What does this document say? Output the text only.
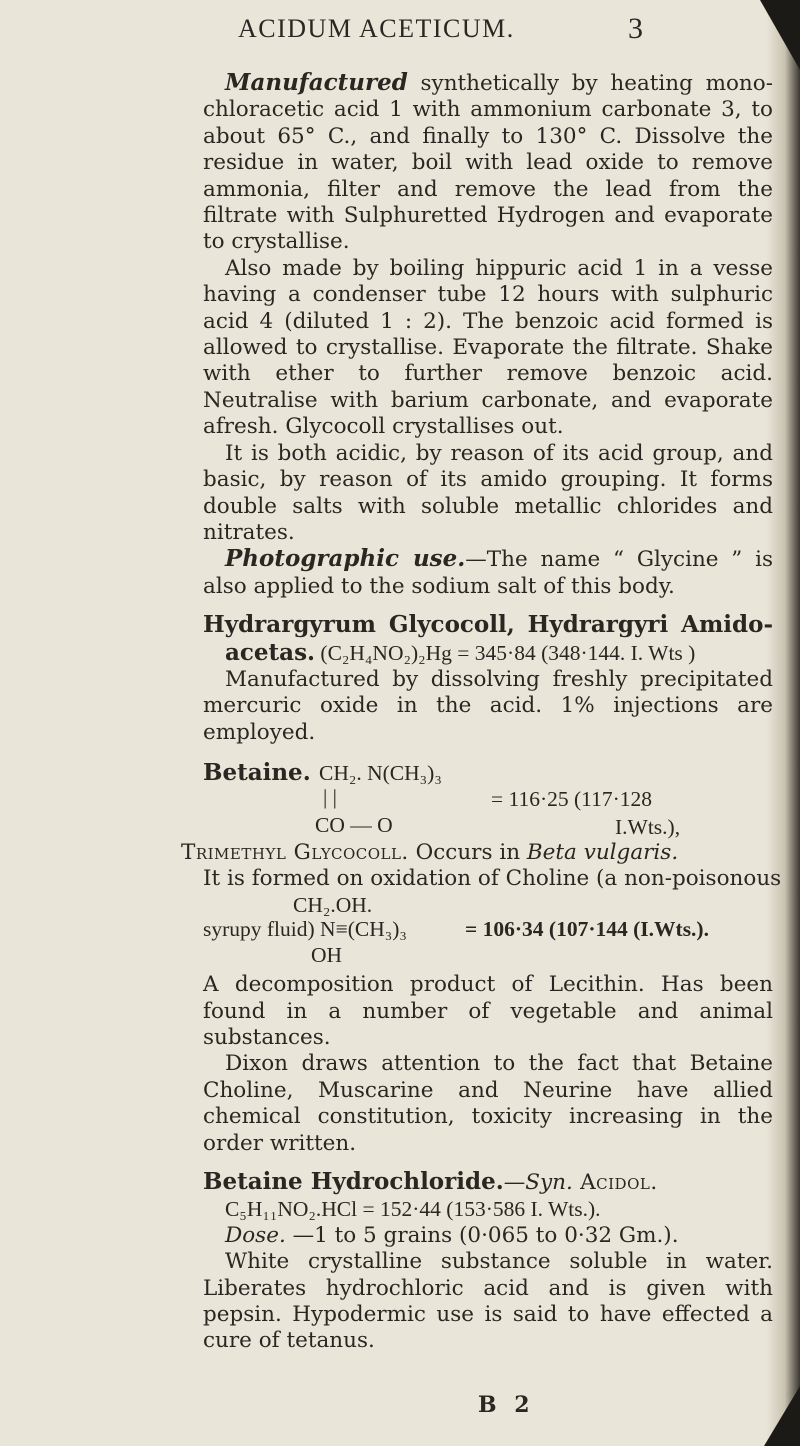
ACIDUM ACETICUM.	3

Manufactured synthetically by heating mono-chloracetic acid 1 with ammonium carbonate 3, to about 65° C., and finally to 130° C. Dissolve the residue in water, boil with lead oxide to remove ammonia, filter and remove the lead from the filtrate with Sulphuretted Hydrogen and evaporate to crystallise.

Also made by boiling hippuric acid 1 in a vesse having a condenser tube 12 hours with sulphuric acid 4 (diluted 1 : 2). The benzoic acid formed is allowed to crystallise. Evaporate the filtrate. Shake with ether to further remove benzoic acid. Neutralise with barium carbonate, and evaporate afresh. Glycocoll crystallises out.

It is both acidic, by reason of its acid group, and basic, by reason of its amido grouping. It forms double salts with soluble metallic chlorides and nitrates.

Photographic use.—The name “ Glycine ” is also applied to the sodium salt of this body.

Hydrargyrum Glycocoll, Hydrargyri Amido-acetas. (C₂H₄NO₂)₂Hg = 345·84 (348·144. I. Wts )

Manufactured by dissolving freshly precipitated mercuric oxide in the acid. 1% injections are employed.

Betaine. CH₂. N(CH₃)₃
| |	= 116·25 (117·128
CO — O	I.Wts.),
Trimethyl Glycocoll. Occurs in Beta vulgaris.
It is formed on oxidation of Choline (a non-poisonous
CH₂.OH.
syrupy fluid) N≡(CH₃)₃	= 106·34 (107·144 (I.Wts.).
OH

A decomposition product of Lecithin. Has been found in a number of vegetable and animal substances.

Dixon draws attention to the fact that Betaine Choline, Muscarine and Neurine have allied chemical constitution, toxicity increasing in the order written.

Betaine Hydrochloride.—Syn. Acidol.

C₅H₁₁NO₂.HCl = 152·44 (153·586 I. Wts.).

Dose. —1 to 5 grains (0·065 to 0·32 Gm.).

White crystalline substance soluble in water. Liberates hydrochloric acid and is given with pepsin. Hypodermic use is said to have effected a cure of tetanus.

B 2
